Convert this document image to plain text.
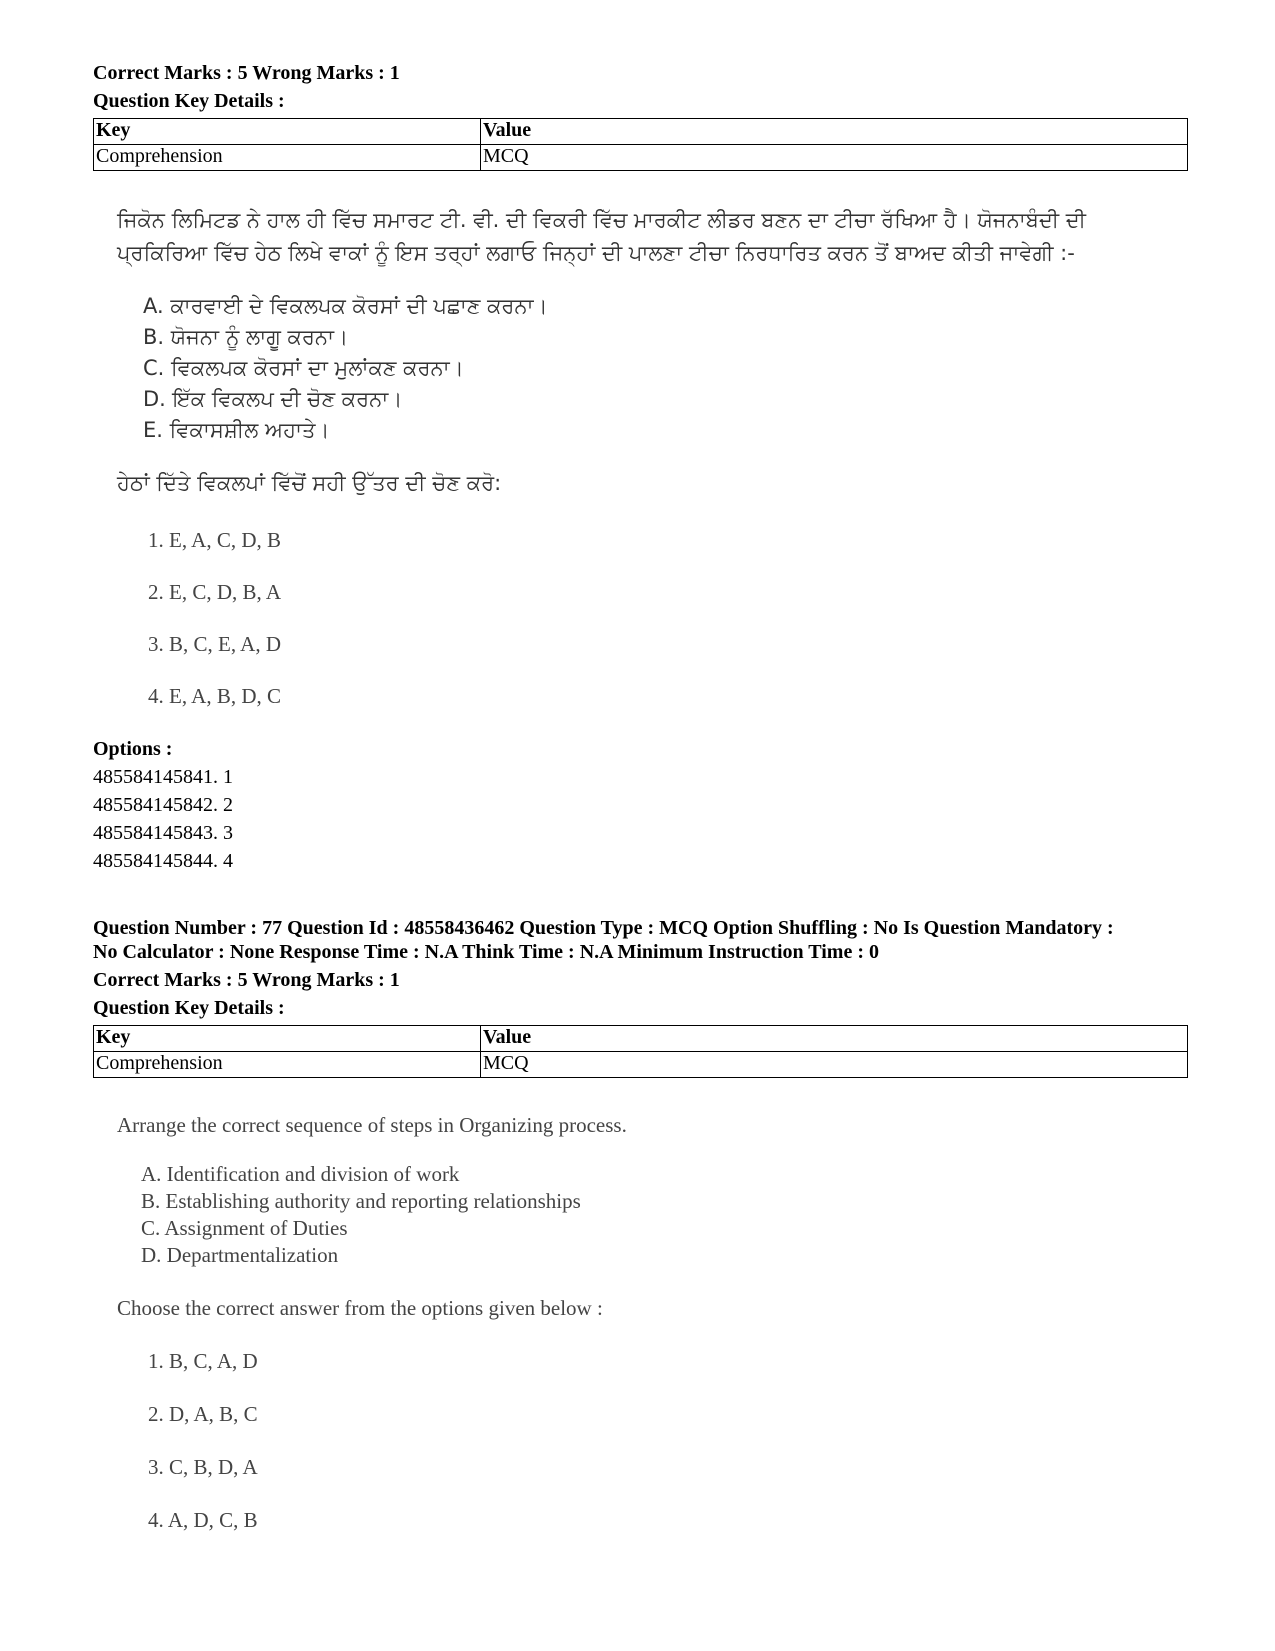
Correct Marks : 5 Wrong Marks : 1
Question Key Details :
Key	Value
Comprehension	MCQ
ਜਿਕੋਨ ਲਿਮਿਟਡ ਨੇ ਹਾਲ ਹੀ ਵਿੱਚ ਸਮਾਰਟ ਟੀ. ਵੀ. ਦੀ ਵਿਕਰੀ ਵਿੱਚ ਮਾਰਕੀਟ ਲੀਡਰ ਬਣਨ ਦਾ ਟੀਚਾ ਰੱਖਿਆ ਹੈ। ਯੋਜਨਾਬੰਦੀ ਦੀ
ਪ੍ਰਕਿਰਿਆ ਵਿੱਚ ਹੇਠ ਲਿਖੇ ਵਾਕਾਂ ਨੂੰ ਇਸ ਤਰ੍ਹਾਂ ਲਗਾਓ ਜਿਨ੍ਹਾਂ ਦੀ ਪਾਲਣਾ ਟੀਚਾ ਨਿਰਧਾਰਿਤ ਕਰਨ ਤੋਂ ਬਾਅਦ ਕੀਤੀ ਜਾਵੇਗੀ :-
A. ਕਾਰਵਾਈ ਦੇ ਵਿਕਲਪਕ ਕੋਰਸਾਂ ਦੀ ਪਛਾਣ ਕਰਨਾ।
B. ਯੋਜਨਾ ਨੂੰ ਲਾਗੂ ਕਰਨਾ।
C. ਵਿਕਲਪਕ ਕੋਰਸਾਂ ਦਾ ਮੁਲਾਂਕਣ ਕਰਨਾ।
D. ਇੱਕ ਵਿਕਲਪ ਦੀ ਚੋਣ ਕਰਨਾ।
E. ਵਿਕਾਸਸ਼ੀਲ ਅਹਾਤੇ।
ਹੇਠਾਂ ਦਿੱਤੇ ਵਿਕਲਪਾਂ ਵਿੱਚੋਂ ਸਹੀ ਉੱਤਰ ਦੀ ਚੋਣ ਕਰੋ:
1. E, A, C, D, B
2. E, C, D, B, A
3. B, C, E, A, D
4. E, A, B, D, C
Options :
485584145841. 1
485584145842. 2
485584145843. 3
485584145844. 4
Question Number : 77 Question Id : 48558436462 Question Type : MCQ Option Shuffling : No Is Question Mandatory :
No Calculator : None Response Time : N.A Think Time : N.A Minimum Instruction Time : 0
Correct Marks : 5 Wrong Marks : 1
Question Key Details :
Key	Value
Comprehension	MCQ
Arrange the correct sequence of steps in Organizing process.
A. Identification and division of work
B. Establishing authority and reporting relationships
C. Assignment of Duties
D. Departmentalization
Choose the correct answer from the options given below :
1. B, C, A, D
2. D, A, B, C
3. C, B, D, A
4. A, D, C, B
